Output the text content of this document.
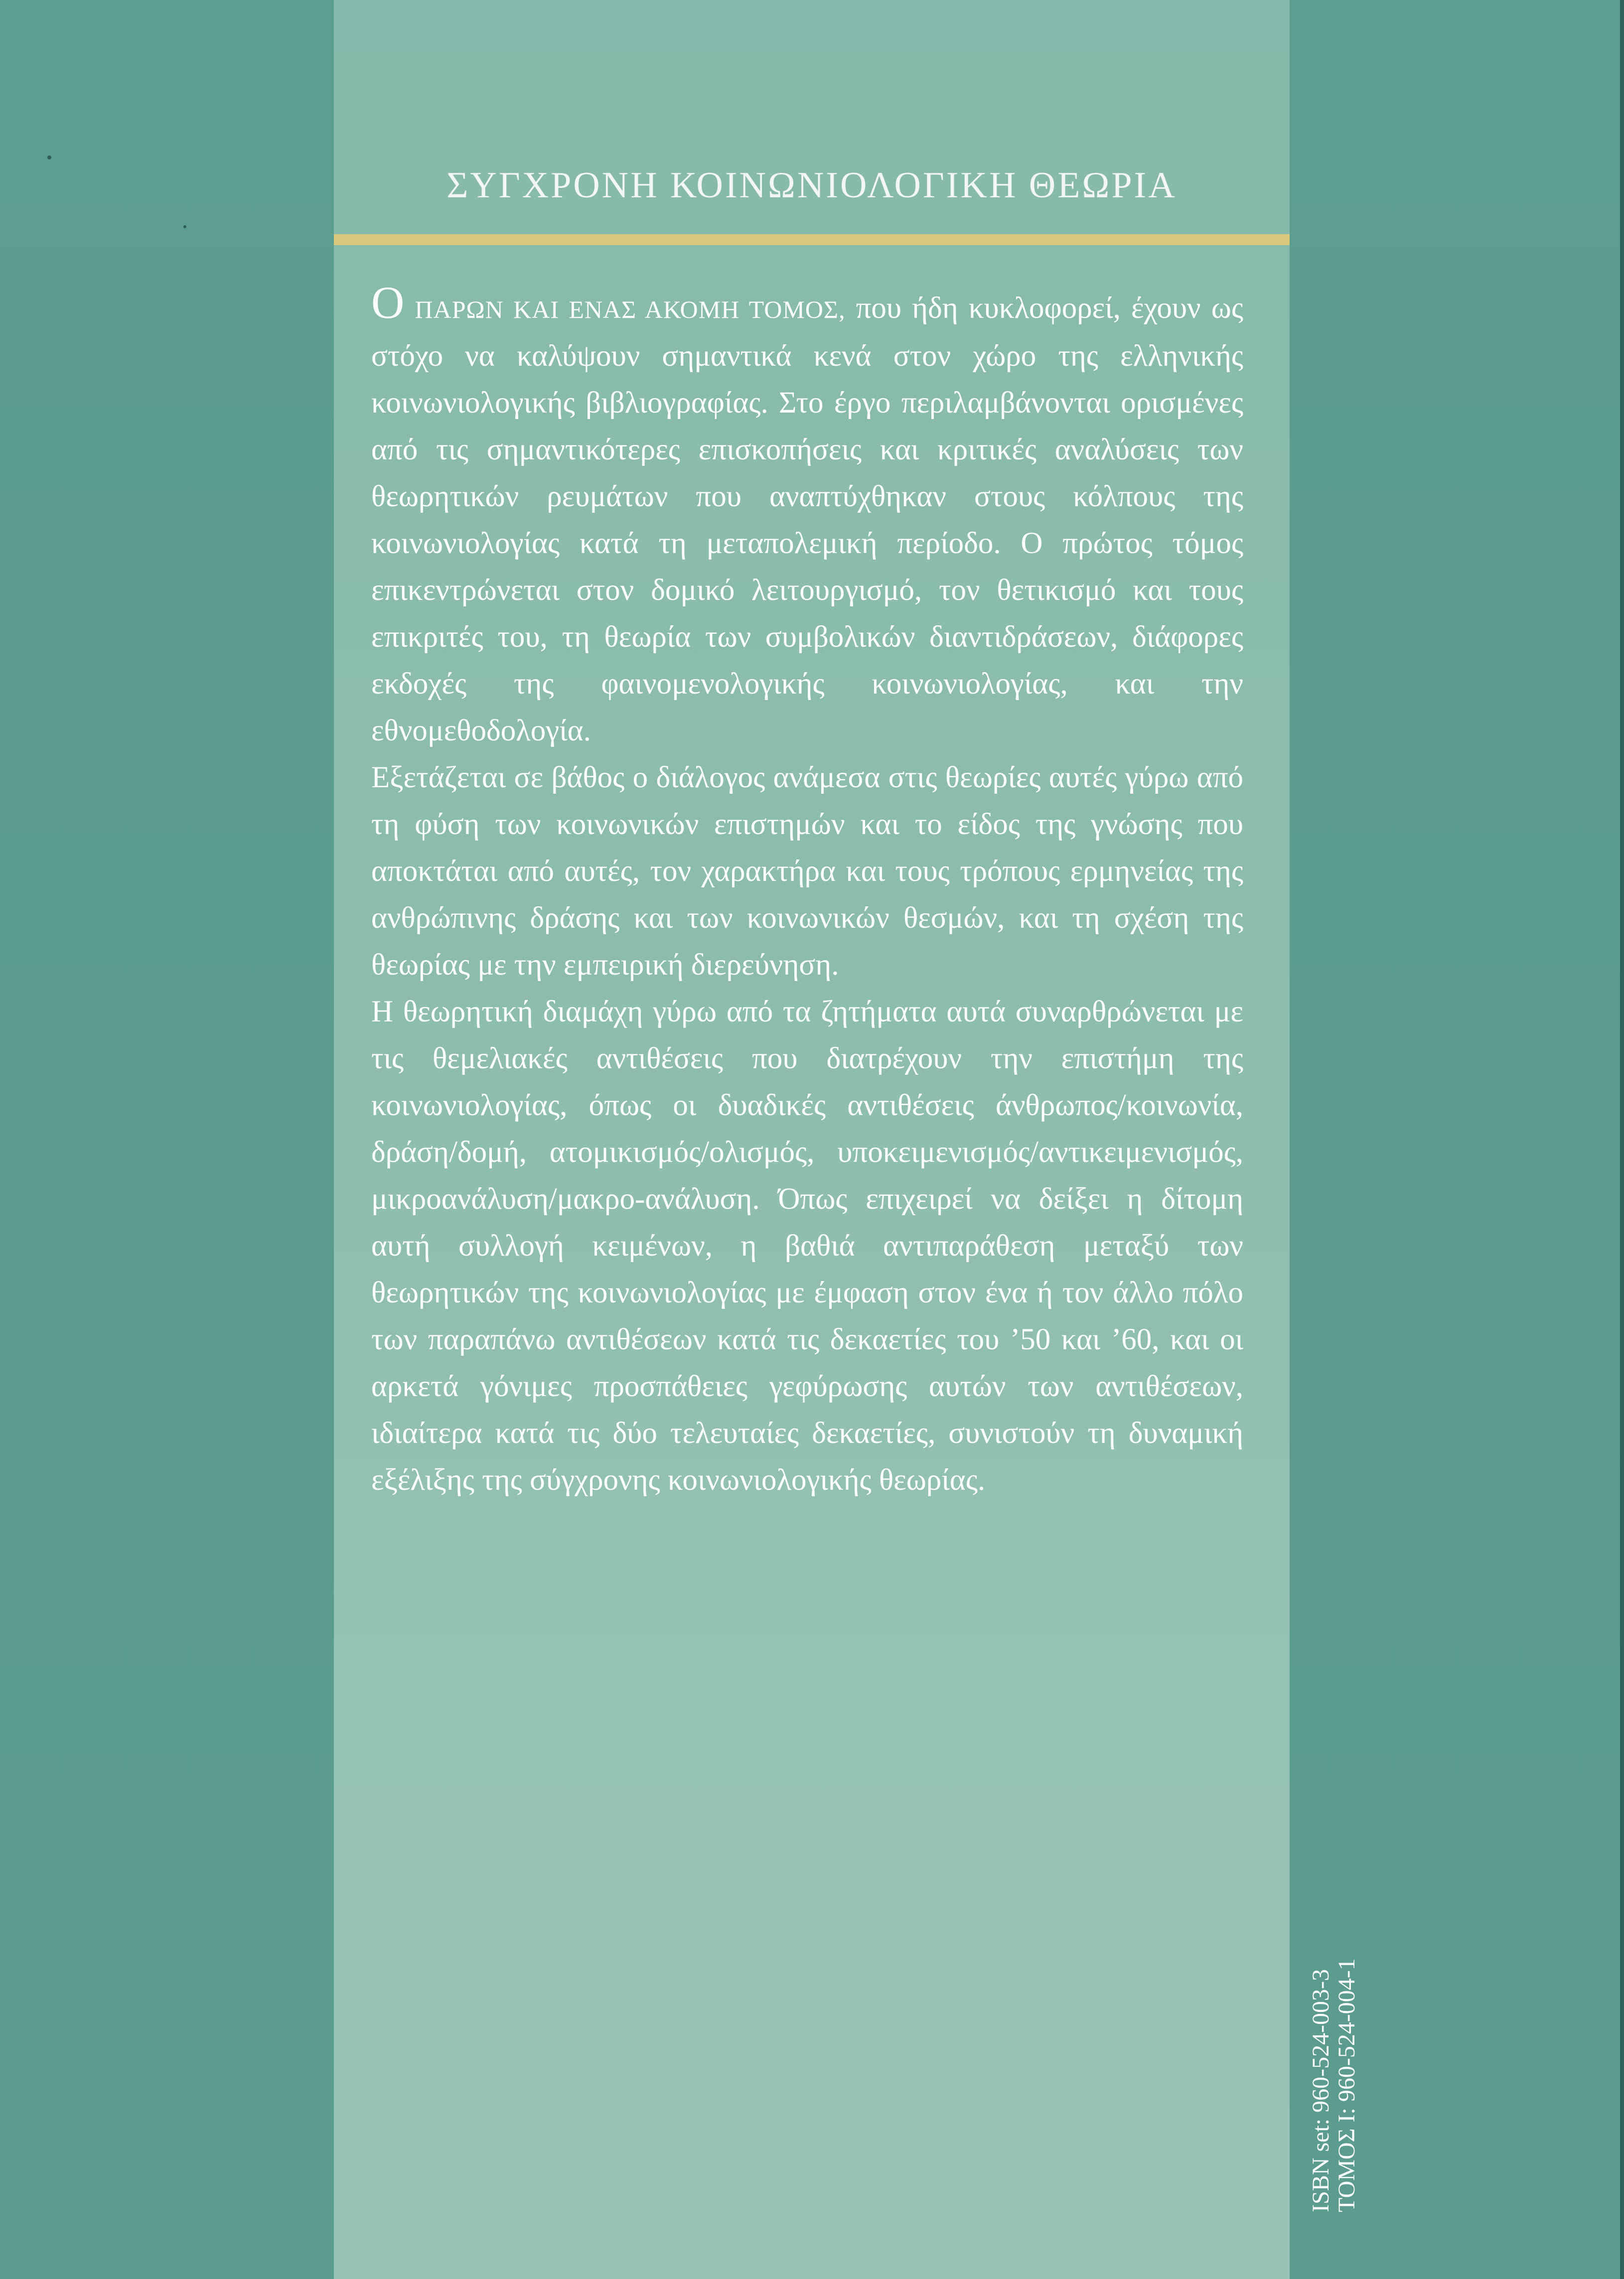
ΣΥΓΧΡΟΝΗ ΚΟΙΝΩΝΙΟΛΟΓΙΚΗ ΘΕΩΡΙΑ

Ο ΠΑΡΩΝ ΚΑΙ ΕΝΑΣ ΑΚΟΜΗ ΤΟΜΟΣ, που ήδη κυκλοφορεί, έχουν ως στόχο να καλύψουν σημαντικά κενά στον χώρο της ελληνικής κοινωνιολογικής βιβλιογραφίας. Στο έργο περιλαμβάνονται ορισμένες από τις σημαντικότερες επισκοπήσεις και κριτικές αναλύσεις των θεωρητικών ρευμάτων που αναπτύχθηκαν στους κόλπους της κοινωνιολογίας κατά τη μεταπολεμική περίοδο. Ο πρώτος τόμος επικεντρώνεται στον δομικό λειτουργισμό, τον θετικισμό και τους επικριτές του, τη θεωρία των συμβολικών διαντιδράσεων, διάφορες εκδοχές της φαινομενολογικής κοινωνιολογίας, και την εθνομεθοδολογία.

Εξετάζεται σε βάθος ο διάλογος ανάμεσα στις θεωρίες αυτές γύρω από τη φύση των κοινωνικών επιστημών και το είδος της γνώσης που αποκτάται από αυτές, τον χαρακτήρα και τους τρόπους ερμηνείας της ανθρώπινης δράσης και των κοινωνικών θεσμών, και τη σχέση της θεωρίας με την εμπειρική διερεύνηση.

Η θεωρητική διαμάχη γύρω από τα ζητήματα αυτά συναρθρώνεται με τις θεμελιακές αντιθέσεις που διατρέχουν την επιστήμη της κοινωνιολογίας, όπως οι δυαδικές αντιθέσεις άνθρωπος/κοινωνία, δράση/δομή, ατομικισμός/ολισμός, υποκειμενισμός/αντικειμενισμός, μικροανάλυση/μακρο-ανάλυση. Όπως επιχειρεί να δείξει η δίτομη αυτή συλλογή κειμένων, η βαθιά αντιπαράθεση μεταξύ των θεωρητικών της κοινωνιολογίας με έμφαση στον ένα ή τον άλλο πόλο των παραπάνω αντιθέσεων κατά τις δεκαετίες του ’50 και ’60, και οι αρκετά γόνιμες προσπάθειες γεφύρωσης αυτών των αντιθέσεων, ιδιαίτερα κατά τις δύο τελευταίες δεκαετίες, συνιστούν τη δυναμική εξέλιξης της σύγχρονης κοινωνιολογικής θεωρίας.

ISBN set: 960-524-003-3 ΤΟΜΟΣ Ι: 960-524-004-1
